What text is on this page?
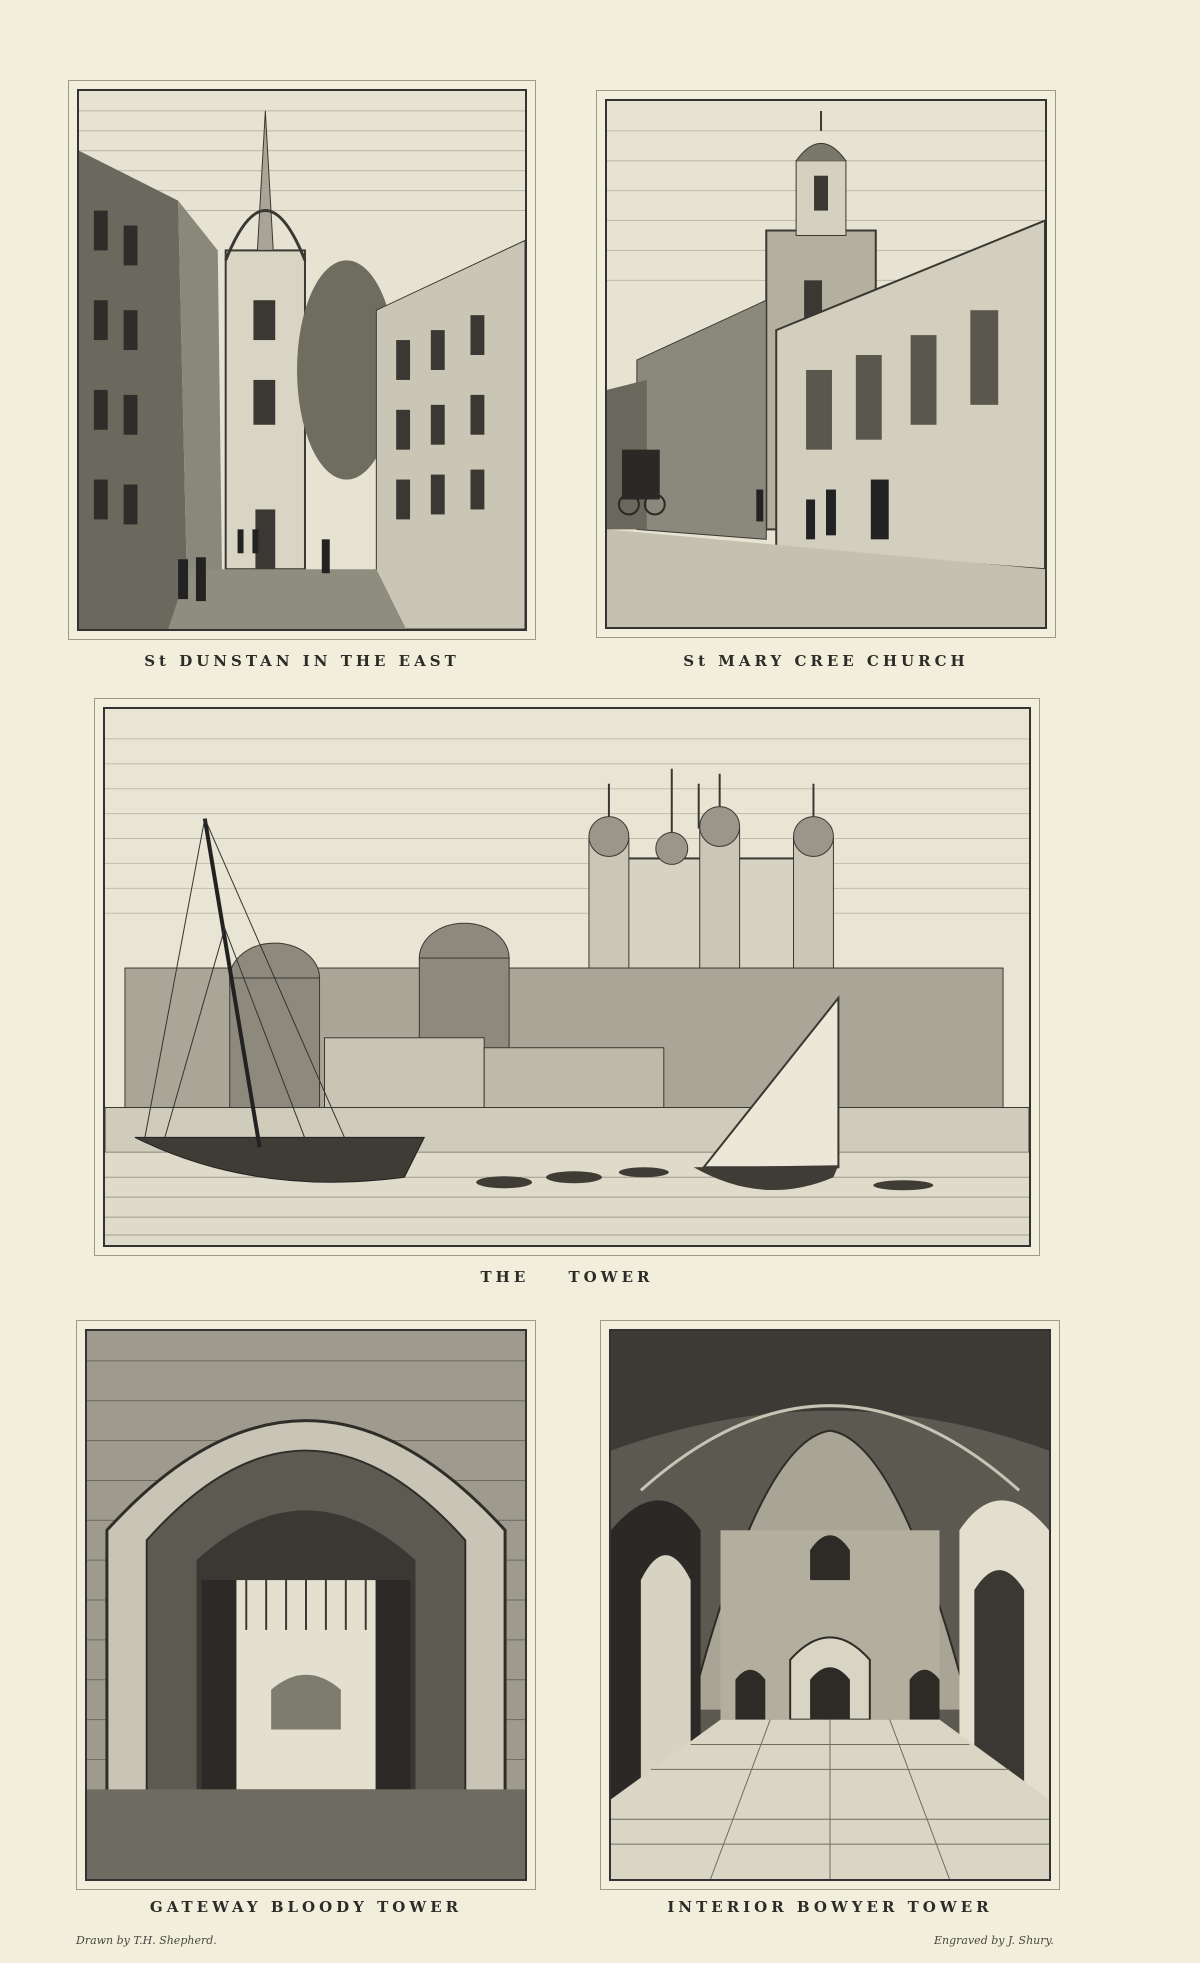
St DUNSTAN IN THE EAST	St MARY CREE CHURCH
THE TOWER
GATEWAY BLOODY TOWER	INTERIOR BOWYER TOWER
Drawn by T.H. Shepherd.	Engraved by J. Shury.
